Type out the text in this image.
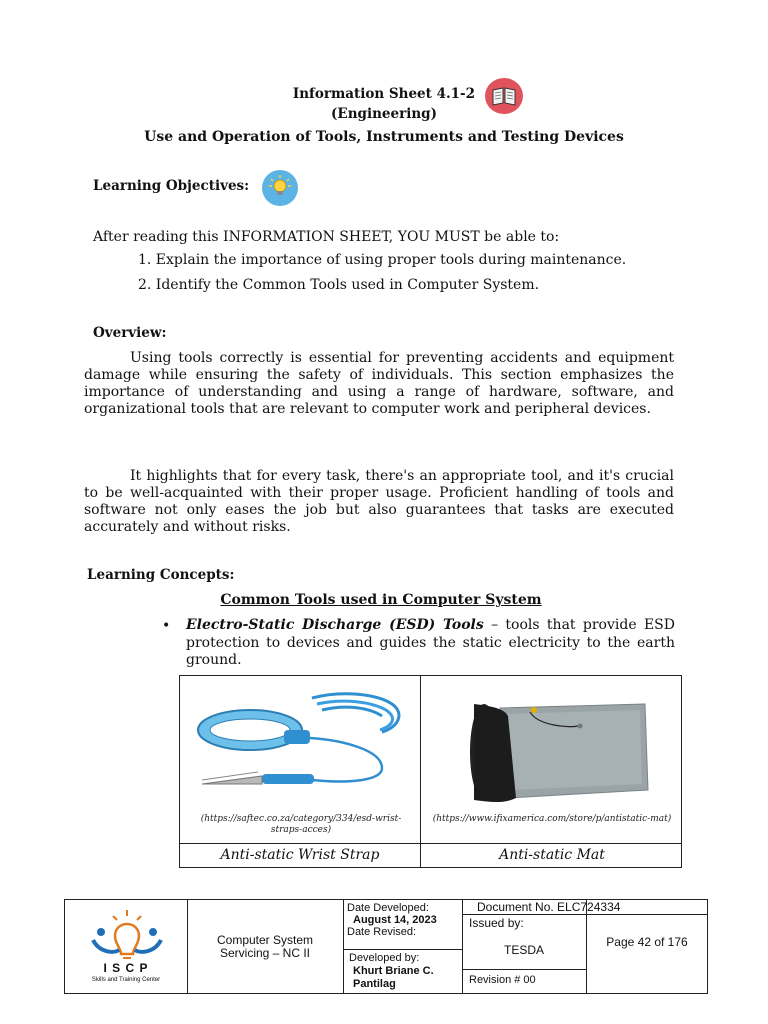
Information Sheet 4.1-2
(Engineering)
Use and Operation of Tools, Instruments and Testing Devices
Learning Objectives:
After reading this INFORMATION SHEET, YOU MUST be able to:
1. Explain the importance of using proper tools during maintenance.
2. Identify the Common Tools used in Computer System.
Overview:
Using tools correctly is essential for preventing accidents and equipment damage while ensuring the safety of individuals. This section emphasizes the importance of understanding and using a range of hardware, software, and organizational tools that are relevant to computer work and peripheral devices.
It highlights that for every task, there's an appropriate tool, and it's crucial to be well-acquainted with their proper usage. Proficient handling of tools and software not only eases the job but also guarantees that tasks are executed accurately and without risks.
Learning Concepts:
Common Tools used in Computer System
• Electro-Static Discharge (ESD) Tools – tools that provide ESD protection to devices and guides the static electricity to the earth ground.
(https://saftec.co.za/category/334/esd-wrist-straps-acces)
Anti-static Wrist Strap
(https://www.ifixamerica.com/store/p/antistatic-mat)
Anti-static Mat
I S C P
Skills and Training Center
Computer System
Servicing – NC II
Date Developed:
August 14, 2023
Date Revised:
Developed by:
Khurt Briane C.
Pantilag
Document No. ELC724334
Issued by:
TESDA
Revision # 00
Page 42 of 176
